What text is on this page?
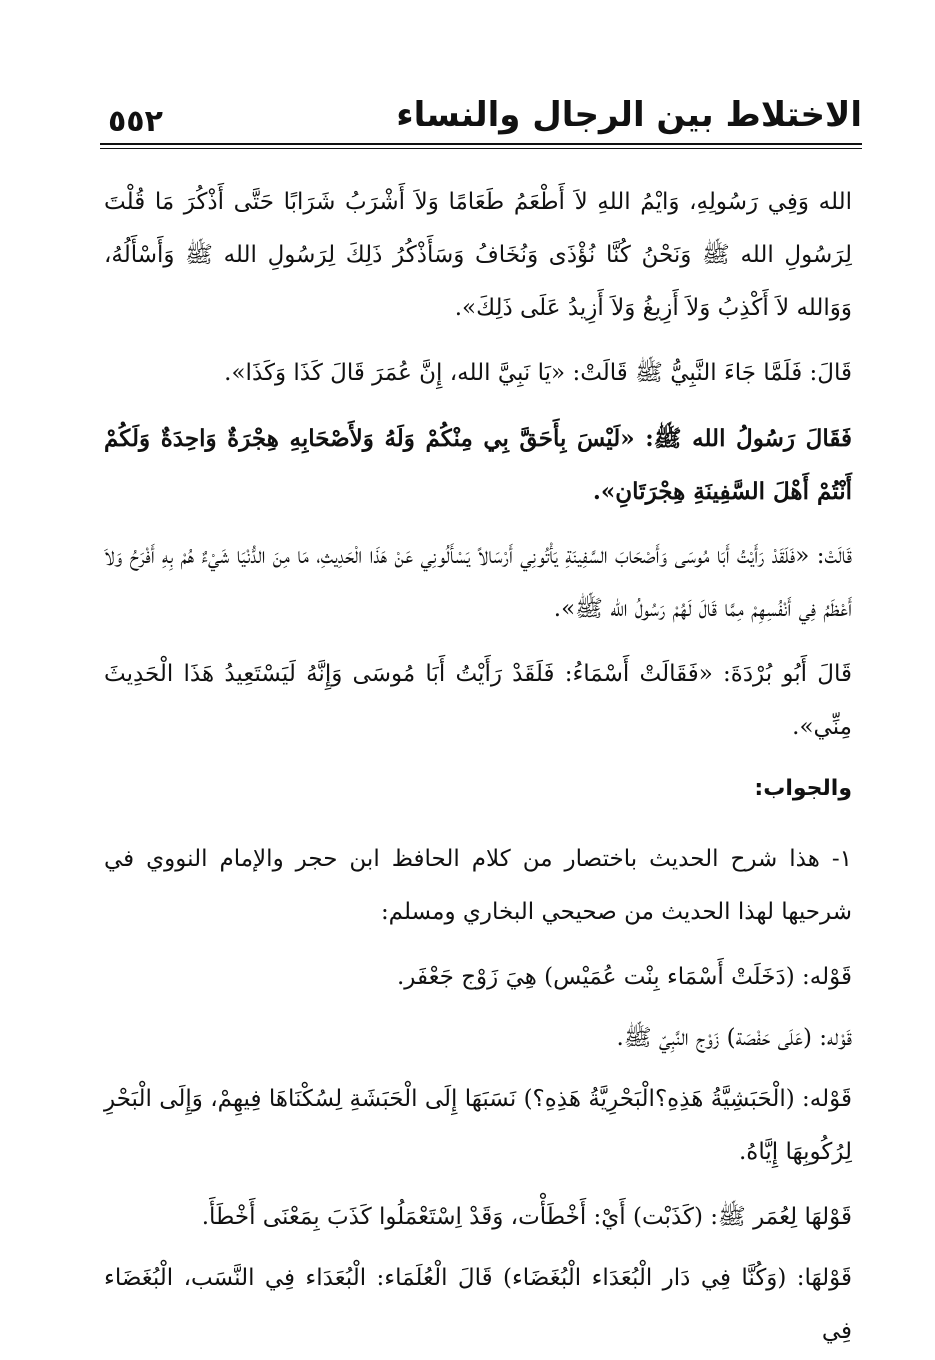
الاختلاط بين الرجال والنساء
٥٥٢

الله وَفِي رَسُولِهِ، وَايْمُ اللهِ لاَ أَطْعَمُ طَعَامًا وَلاَ أَشْرَبُ شَرَابًا حَتَّى أَذْكُرَ مَا قُلْتَ لِرَسُولِ الله ﷺ وَنَحْنُ كُنَّا نُؤْذَى وَنُخَافُ وَسَأَذْكُرُ ذَلِكَ لِرَسُولِ الله ﷺ وَأَسْأَلُهُ، وَوَالله لاَ أَكْذِبُ وَلاَ أَزِيغُ وَلاَ أَزِيدُ عَلَى ذَلِكَ».

قَالَ: فَلَمَّا جَاءَ النَّبِيُّ ﷺ قَالَتْ: «يَا نَبِيَّ الله، إِنَّ عُمَرَ قَالَ كَذَا وَكَذَا».

فَقَالَ رَسُولُ الله ﷺ: «لَيْسَ بِأَحَقَّ بِي مِنْكُمْ وَلَهُ وَلأَصْحَابِهِ هِجْرَةٌ وَاحِدَةٌ وَلَكُمْ أَنْتُمْ أَهْلَ السَّفِينَةِ هِجْرَتَانِ».

قَالَتْ: «فَلَقَدْ رَأَيْتُ أَبَا مُوسَى وَأَصْحَابَ السَّفِينَةِ يَأْتُونِي أَرْسَالاً يَسْأَلُونِي عَنْ هَذَا الْحَدِيثِ، مَا مِنَ الدُّنْيَا شَيْءٌ هُمْ بِهِ أَفْرَحُ وَلاَ أَعْظَمُ فِي أَنْفُسِهِمْ مِمَّا قَالَ لَهُمْ رَسُولُ الله ﷺ».

قَالَ أَبُو بُرْدَةَ: «فَقَالَتْ أَسْمَاءُ: فَلَقَدْ رَأَيْتُ أَبَا مُوسَى وَإِنَّهُ لَيَسْتَعِيدُ هَذَا الْحَدِيثَ مِنِّي».

والجواب:

١- هذا شرح الحديث باختصار من كلام الحافظ ابن حجر والإمام النووي في شرحيها لهذا الحديث من صحيحي البخاري ومسلم:

قَوْله: (دَخَلَتْ أَسْمَاء بِنْت عُمَيْس) هِيَ زَوْج جَعْفَر.

قَوْله: (عَلَى حَفْصَة) زَوْج النَّبِيّ ﷺ.

قَوْله: (الْحَبَشِيَّةُ هَذِهِ؟الْبَحْرِيَّةُ هَذِهِ؟) نَسَبَهَا إِلَى الْحَبَشَةِ لِسُكْنَاهَا فِيهِمْ، وَإِلَى الْبَحْرِ لِرُكُوبِهَا إِيَّاهُ.

قَوْلهَا لِعُمَر ﷺ: (كَذَبْت) أَيْ: أَخْطَأْت، وَقَدْ اِسْتَعْمَلُوا كَذَبَ بِمَعْنَى أَخْطَأَ.

قَوْلهَا: (وَكُنَّا فِي دَار الْبُعَدَاء الْبُغَضَاء) قَالَ الْعُلَمَاء: الْبُعَدَاء فِي النَّسَب، الْبُغَضَاء فِي
